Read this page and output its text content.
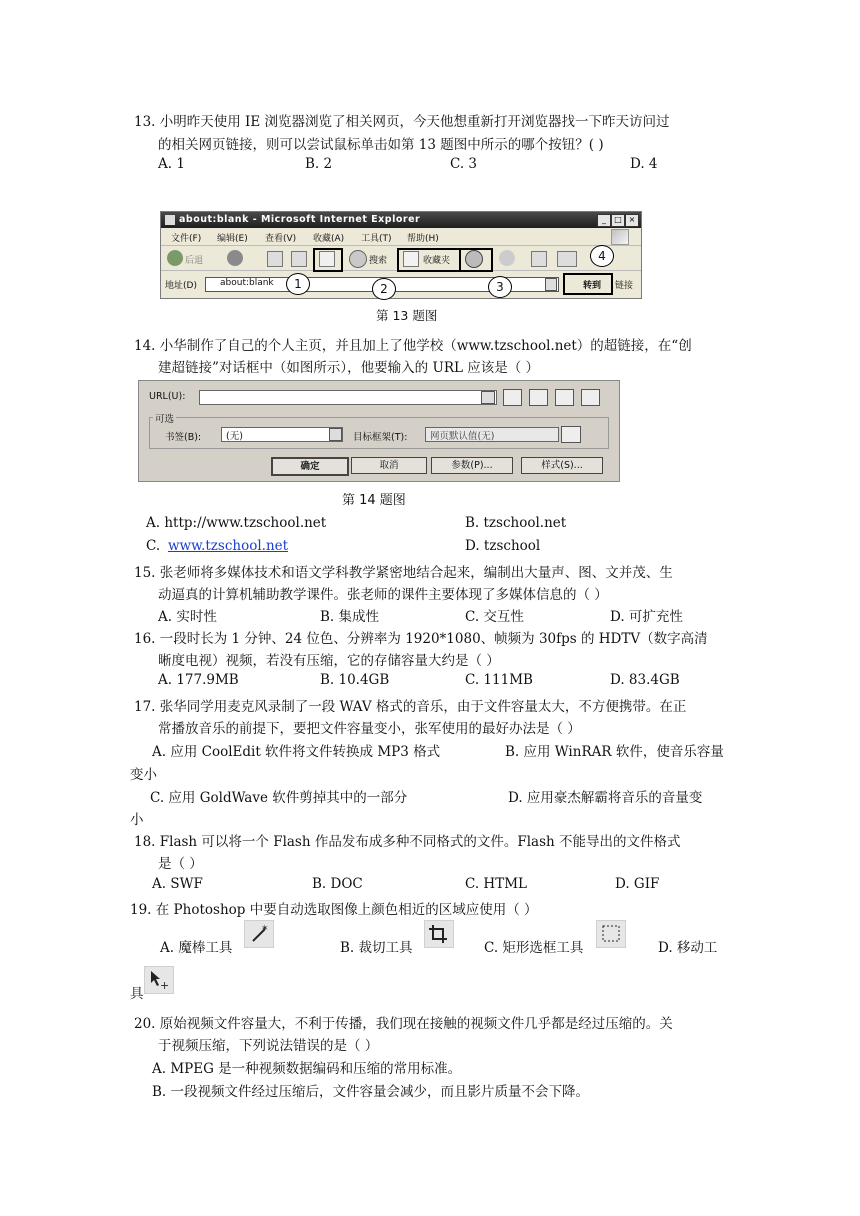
13. 小明昨天使用 IE 浏览器浏览了相关网页，今天他想重新打开浏览器找一下昨天访问过
的相关网页链接，则可以尝试鼠标单击如第 13 题图中所示的哪个按钮？( )
A. 1	B. 2	C. 3	D. 4
about:blank - Microsoft Internet Explorer	_	□ ×
文件(F) 编辑(E) 查看(V) 收藏(A) 工具(T) 帮助(H)
后退	搜索	收藏夹
地址(D)	about:blank	转到 链接
1	2	3
4
第 13 题图
14. 小华制作了自己的个人主页，并且加上了他学校（www.tzschool.net）的超链接，在“创
建超链接”对话框中（如图所示），他要输入的 URL 应该是（ ）
URL(U):
可选
书签(B):	(无)	目标框架(T): 网页默认值(无)
确定	取消	参数(P)...	样式(S)...
第 14 题图
A. http://www.tzschool.net	B. tzschool.net
C. www.tzschool.net	D. tzschool
15. 张老师将多媒体技术和语文学科教学紧密地结合起来，编制出大量声、图、文并茂、生
动逼真的计算机辅助教学课件。张老师的课件主要体现了多媒体信息的（ ）
A. 实时性	B. 集成性	C. 交互性	D. 可扩充性
16. 一段时长为 1 分钟、24 位色、分辨率为 1920*1080、帧频为 30fps 的 HDTV（数字高清
晰度电视）视频，若没有压缩，它的存储容量大约是（ ）
A. 177.9MB	B. 10.4GB	C. 111MB	D. 83.4GB
17. 张华同学用麦克风录制了一段 WAV 格式的音乐，由于文件容量太大，不方便携带。在正
常播放音乐的前提下，要把文件容量变小，张军使用的最好办法是（ ）
A. 应用 CoolEdit 软件将文件转换成 MP3 格式	B. 应用 WinRAR 软件，使音乐容量
变小
C. 应用 GoldWave 软件剪掉其中的一部分	D. 应用豪杰解霸将音乐的音量变
小
18. Flash 可以将一个 Flash 作品发布成多种不同格式的文件。Flash 不能导出的文件格式
是（ ）
A. SWF	B. DOC	C. HTML	D. GIF
19. 在 Photoshop 中要自动选取图像上颜色相近的区域应使用（ ）
A. 魔棒工具
✶
B. 裁切工具	C. 矩形选框工具	D. 移动工
+
具
20. 原始视频文件容量大，不利于传播，我们现在接触的视频文件几乎都是经过压缩的。关
于视频压缩，下列说法错误的是（ ）
A. MPEG 是一种视频数据编码和压缩的常用标准。
B. 一段视频文件经过压缩后，文件容量会减少，而且影片质量不会下降。
